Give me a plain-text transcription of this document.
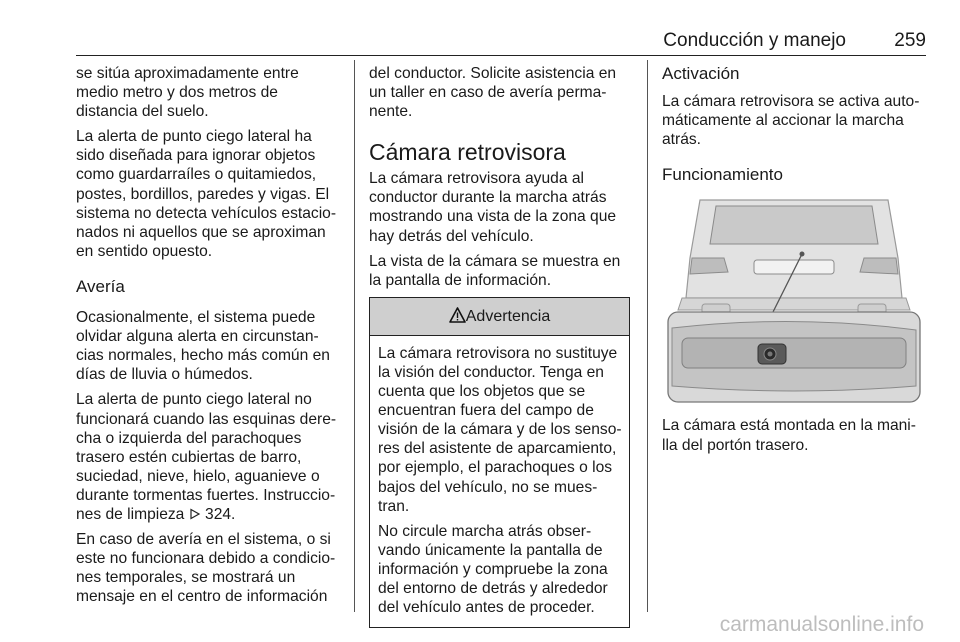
Conducción y manejo	259

se sitúa aproximadamente entre
medio metro y dos metros de
distancia del suelo.

La alerta de punto ciego lateral ha
sido diseñada para ignorar objetos
como guardarraíles o quitamiedos,
postes, bordillos, paredes y vigas. El
sistema no detecta vehículos estacio-
nados ni aquellos que se aproximan
en sentido opuesto.

Avería

Ocasionalmente, el sistema puede
olvidar alguna alerta en circunstan-
cias normales, hecho más común en
días de lluvia o húmedos.

La alerta de punto ciego lateral no
funcionará cuando las esquinas dere-
cha o izquierda del parachoques
trasero estén cubiertas de barro,
suciedad, nieve, hielo, aguanieve o
durante tormentas fuertes. Instruccio-
nes de limpieza  324.

En caso de avería en el sistema, o si
este no funcionara debido a condicio-
nes temporales, se mostrará un
mensaje en el centro de información

del conductor. Solicite asistencia en
un taller en caso de avería perma-
nente.

Cámara retrovisora

La cámara retrovisora ayuda al
conductor durante la marcha atrás
mostrando una vista de la zona que
hay detrás del vehículo.

La vista de la cámara se muestra en
la pantalla de información.

Advertencia

La cámara retrovisora no sustituye
la visión del conductor. Tenga en
cuenta que los objetos que se
encuentran fuera del campo de
visión de la cámara y de los senso-
res del asistente de aparcamiento,
por ejemplo, el parachoques o los
bajos del vehículo, no se mues-
tran.

No circule marcha atrás obser-
vando únicamente la pantalla de
información y compruebe la zona
del entorno de detrás y alrededor
del vehículo antes de proceder.

Activación

La cámara retrovisora se activa auto-
máticamente al accionar la marcha
atrás.

Funcionamiento

La cámara está montada en la mani-
lla del portón trasero.

carmanualsonline.info
